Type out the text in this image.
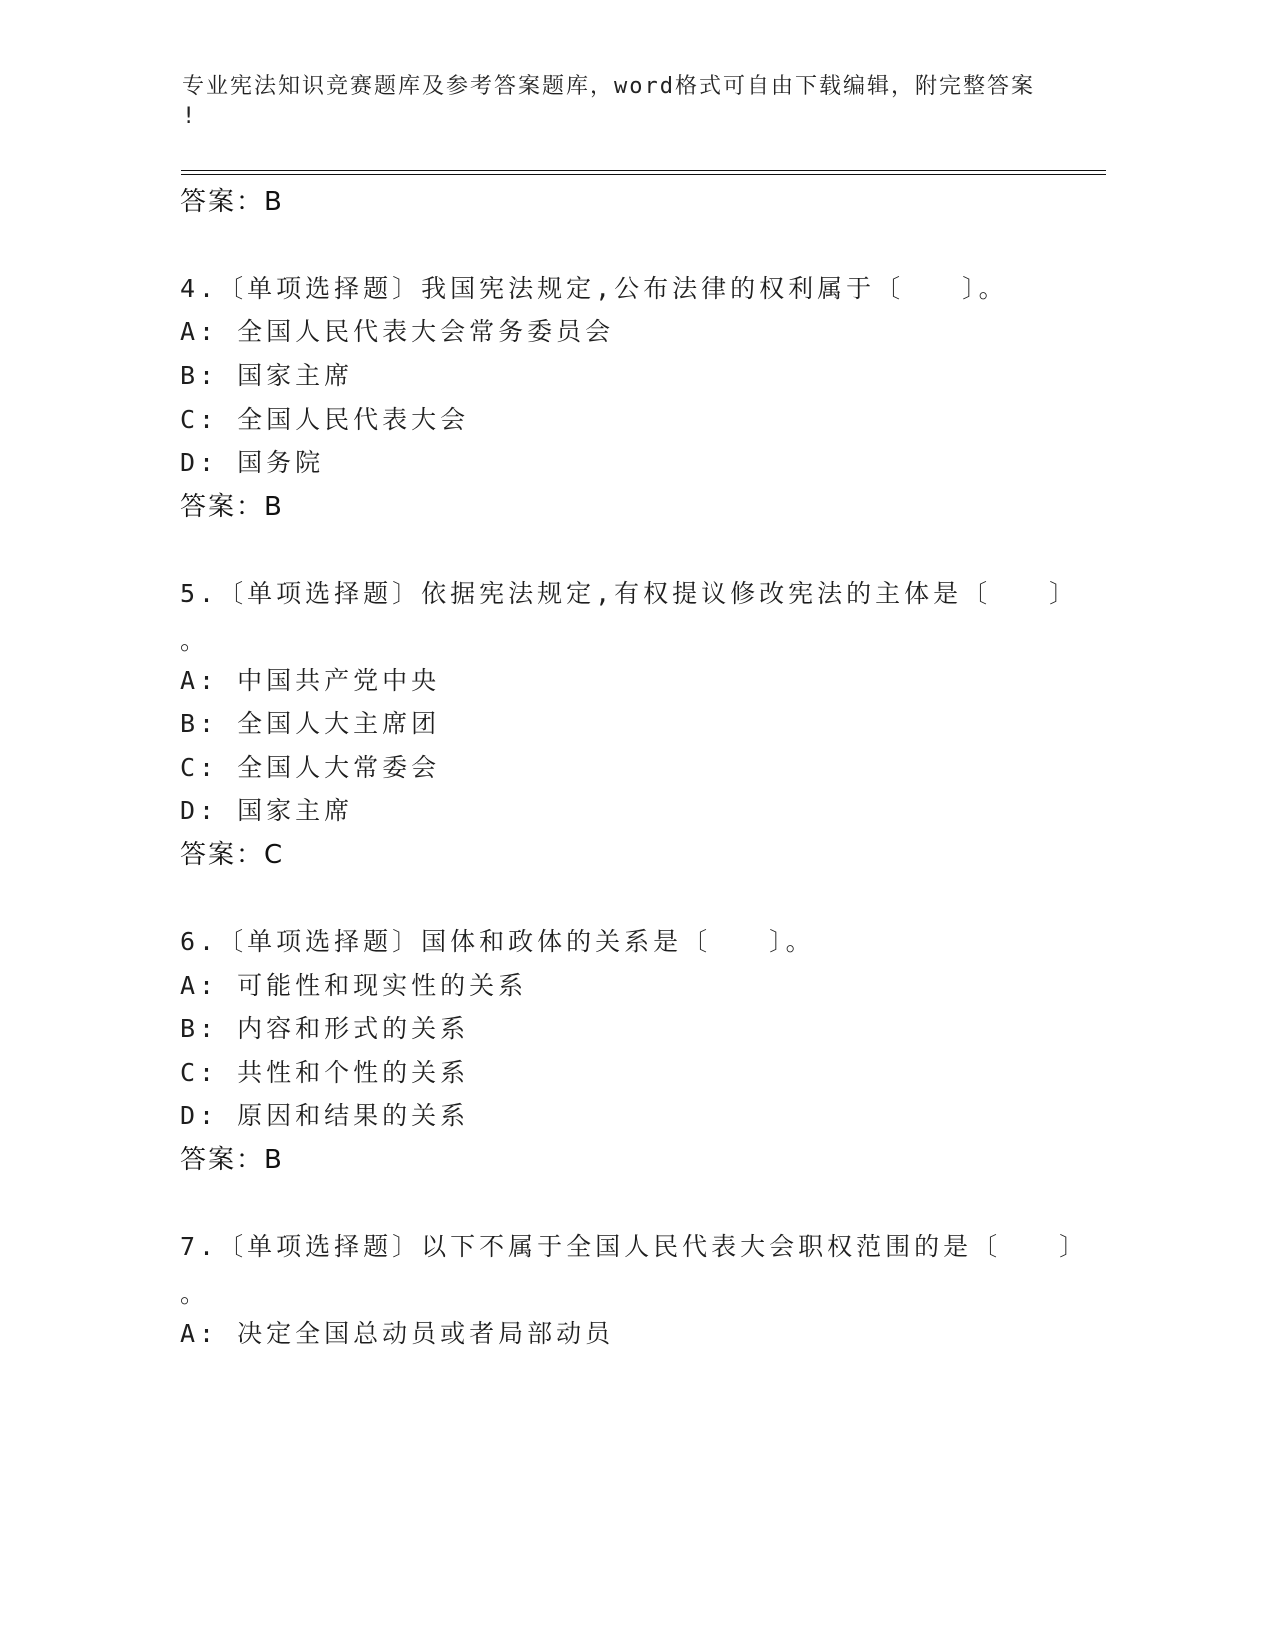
专业宪法知识竞赛题库及参考答案题库，word格式可自由下载编辑，附完整答案
!
答案：B
4.〔单项选择题〕我国宪法规定,公布法律的权利属于〔　　〕。
A: 全国人民代表大会常务委员会
B: 国家主席
C: 全国人民代表大会
D: 国务院
答案：B
5.〔单项选择题〕依据宪法规定,有权提议修改宪法的主体是〔　　〕
。
A: 中国共产党中央
B: 全国人大主席团
C: 全国人大常委会
D: 国家主席
答案：C
6.〔单项选择题〕国体和政体的关系是〔　　〕。
A: 可能性和现实性的关系
B: 内容和形式的关系
C: 共性和个性的关系
D: 原因和结果的关系
答案：B
7.〔单项选择题〕以下不属于全国人民代表大会职权范围的是〔　　〕
。
A: 决定全国总动员或者局部动员
